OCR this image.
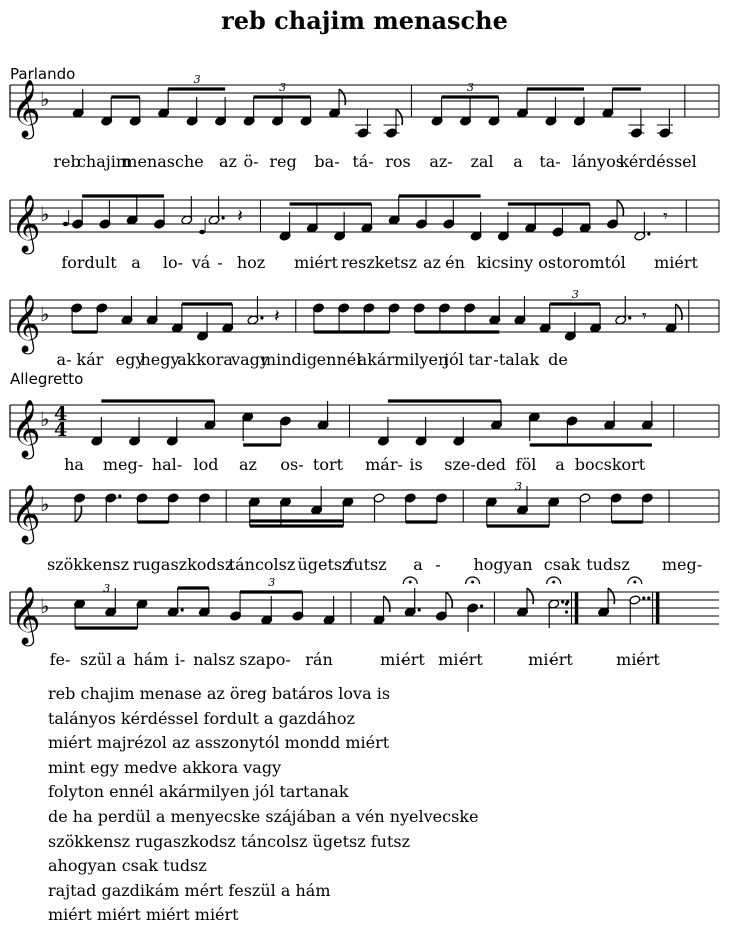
reb chajim menasche
Parlando
Allegretto
𝄞 ♭
3
3	3
reb
chajim
menasche az ö- reg ba- tá- ros az- zal a ta- lányos
kérdéssel
𝄞 ♭	𝄽	𝄾
fordult a lo- vá - hoz miért reszketsz az én kicsiny ostoromtól miért
𝄞 ♭	𝄽	𝄾
3
a- kár egy
hegy
akkora
vagy
mindig ennél
akármilyen
jól tar - talak de
𝄞 ♭ 4
4
ha meg- hal- lod az os- tort már- is sze- ded föl a bocskort
𝄞 ♭
3
szökkensz rugaszkodsz
táncolsz ügetsz
futsz a - hogyan csak tudsz meg-
𝄞 ♭
3	3
fe- szül a hám i- nalsz szapo- rán	mi-
ért mi-
ért	mi-
ért	mi-
ért
reb chajim menase az öreg batáros lova is
talányos kérdéssel fordult a gazdához
miért majrézol az asszonytól mondd miért
mint egy medve akkora vagy
folyton ennél akármilyen jól tartanak
de ha perdül a menyecske szájában a vén nyelvecske
szökkensz rugaszkodsz táncolsz ügetsz futsz
ahogyan csak tudsz
rajtad gazdikám mért feszül a hám
miért miért miért miért
